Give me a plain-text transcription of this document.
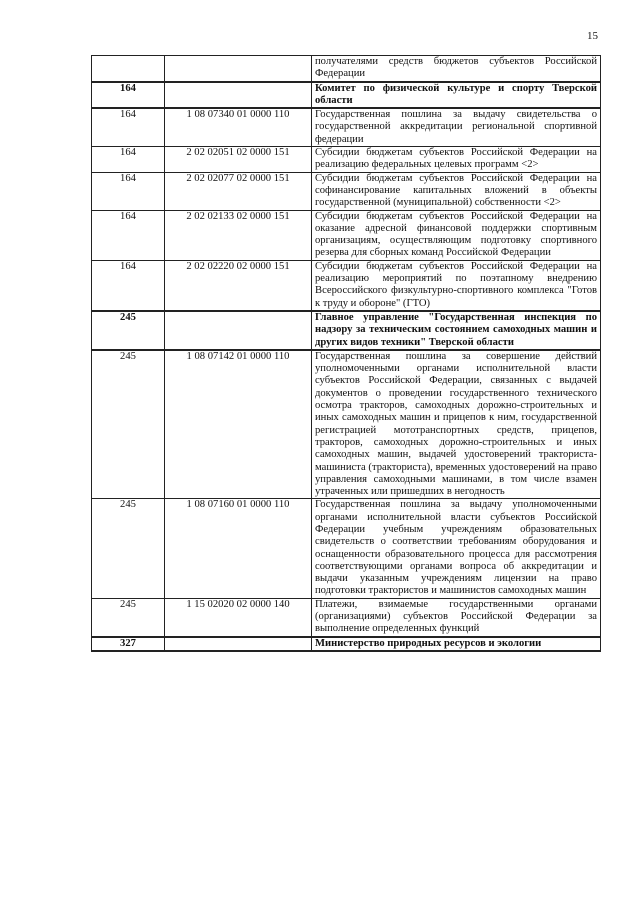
15
		получателями средств бюджетов субъектов Российской Федерации
164		Комитет по физической культуре и спорту Тверской области
164	1 08 07340 01 0000 110	Государственная пошлина за выдачу свидетельства о государственной аккредитации региональной спортивной федерации
164	2 02 02051 02 0000 151	Субсидии бюджетам субъектов Российской Федерации на реализацию федеральных целевых программ <2>
164	2 02 02077 02 0000 151	Субсидии бюджетам субъектов Российской Федерации на софинансирование капитальных вложений в объекты государственной (муниципальной) собственности <2>
164	2 02 02133 02 0000 151	Субсидии бюджетам субъектов Российской Федерации на оказание адресной финансовой поддержки спортивным организациям, осуществляющим подготовку спортивного резерва для сборных команд Российской Федерации
164	2 02 02220 02 0000 151	Субсидии бюджетам субъектов Российской Федерации на реализацию мероприятий по поэтапному внедрению Всероссийского физкультурно-спортивного комплекса "Готов к труду и обороне" (ГТО)
245		Главное управление "Государственная инспекция по надзору за техническим состоянием самоходных машин и других видов техники" Тверской области
245	1 08 07142 01 0000 110	Государственная пошлина за совершение действий уполномоченными органами исполнительной власти субъектов Российской Федерации, связанных с выдачей документов о проведении государственного технического осмотра тракторов, самоходных дорожно-строительных и иных самоходных машин и прицепов к ним, государственной регистрацией мототранспортных средств, прицепов, тракторов, самоходных дорожно-строительных и иных самоходных машин, выдачей удостоверений тракториста-машиниста (тракториста), временных удостоверений на право управления самоходными машинами, в том числе взамен утраченных или пришедших в негодность
245	1 08 07160 01 0000 110	Государственная пошлина за выдачу уполномоченными органами исполнительной власти субъектов Российской Федерации учебным учреждениям образовательных свидетельств о соответствии требованиям оборудования и оснащенности образовательного процесса для рассмотрения соответствующими органами вопроса об аккредитации и выдачи указанным учреждениям лицензии на право подготовки трактористов и машинистов самоходных машин
245	1 15 02020 02 0000 140	Платежи, взимаемые государственными органами (организациями) субъектов Российской Федерации за выполнение определенных функций
327		Министерство природных ресурсов и экологии
